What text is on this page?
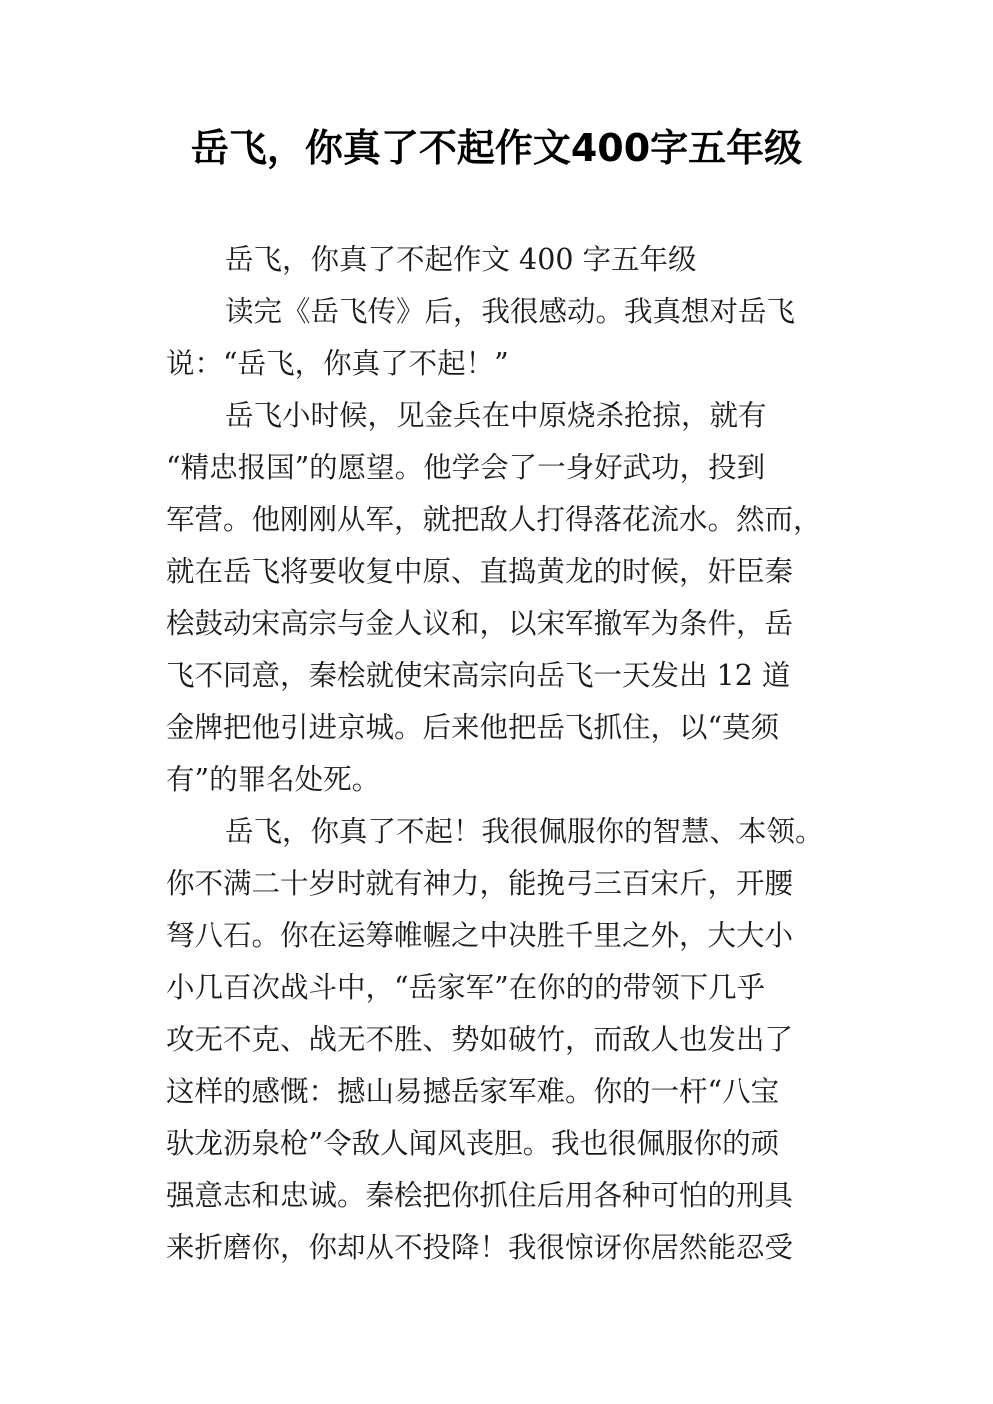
岳飞，你真了不起作文400字五年级
岳飞，你真了不起作文 400 字五年级
读完《岳飞传》后，我很感动。我真想对岳飞
说：“岳飞，你真了不起！”
岳飞小时候，见金兵在中原烧杀抢掠，就有
“精忠报国”的愿望。他学会了一身好武功，投到
军营。他刚刚从军，就把敌人打得落花流水。然而，
就在岳飞将要收复中原、直捣黄龙的时候，奸臣秦
桧鼓动宋高宗与金人议和，以宋军撤军为条件，岳
飞不同意，秦桧就使宋高宗向岳飞一天发出 12 道
金牌把他引进京城。后来他把岳飞抓住，以“莫须
有”的罪名处死。
岳飞，你真了不起！我很佩服你的智慧、本领。
你不满二十岁时就有神力，能挽弓三百宋斤，开腰
弩八石。你在运筹帷幄之中决胜千里之外，大大小
小几百次战斗中，“岳家军”在你的的带领下几乎
攻无不克、战无不胜、势如破竹，而敌人也发出了
这样的感慨：撼山易撼岳家军难。你的一杆“八宝
驮龙沥泉枪”令敌人闻风丧胆。我也很佩服你的顽
强意志和忠诚。秦桧把你抓住后用各种可怕的刑具
来折磨你，你却从不投降！我很惊讶你居然能忍受
